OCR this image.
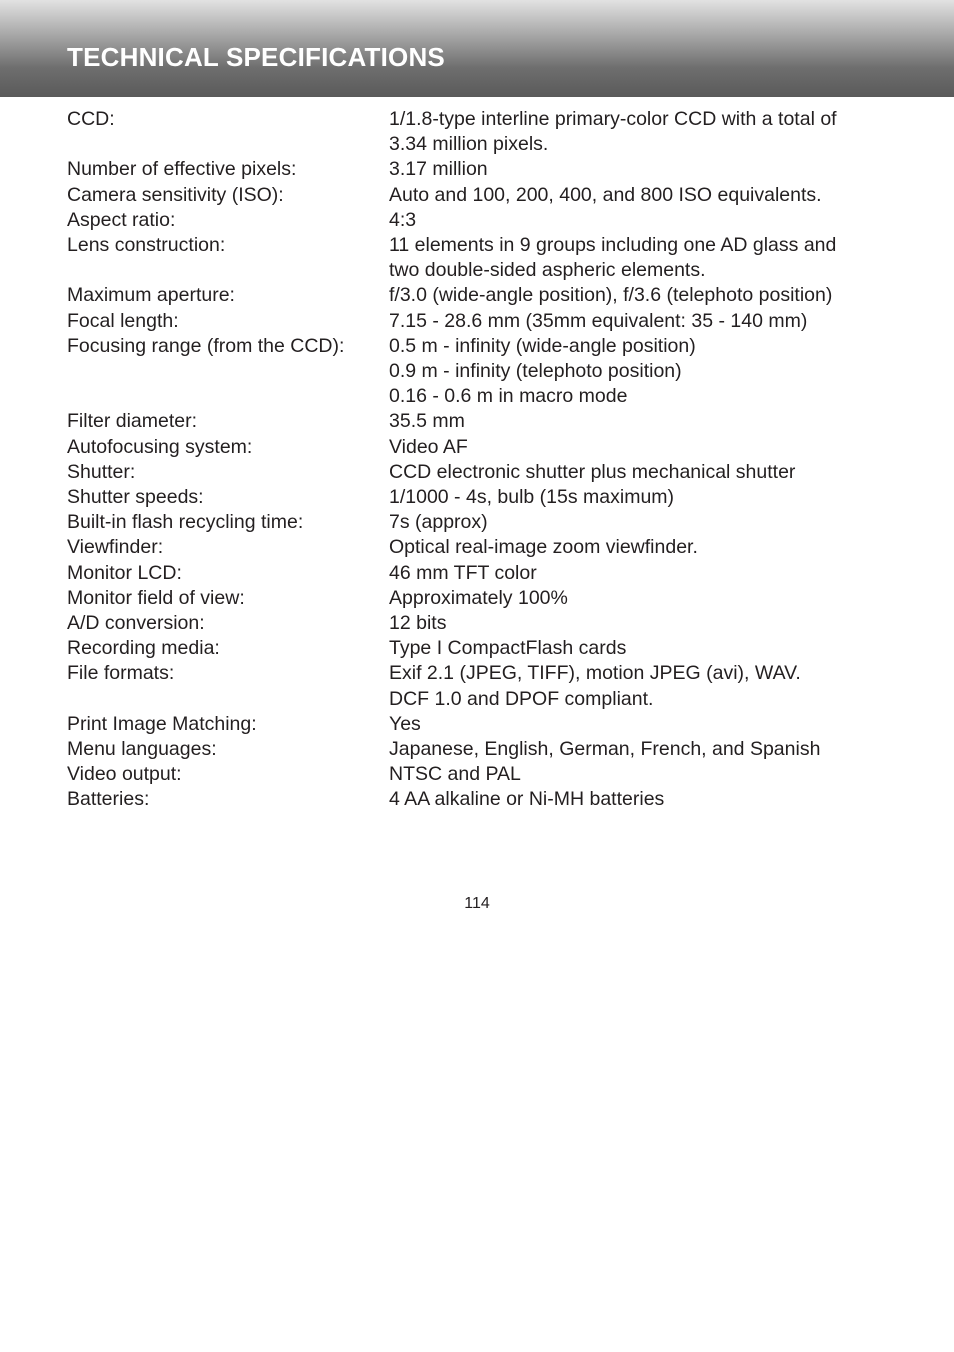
TECHNICAL SPECIFICATIONS
CCD:	1/1.8-type interline primary-color CCD with a total of
3.34 million pixels.
Number of effective pixels:	3.17 million
Camera sensitivity (ISO):	Auto and 100, 200, 400, and 800 ISO equivalents.
Aspect ratio:	4:3
Lens construction:	11 elements in 9 groups including one AD glass and
two double-sided aspheric elements.
Maximum aperture:	f/3.0 (wide-angle position), f/3.6 (telephoto position)
Focal length:	7.15 - 28.6 mm (35mm equivalent: 35 - 140 mm)
Focusing range (from the CCD):	0.5 m - infinity (wide-angle position)
0.9 m - infinity (telephoto position)
0.16 - 0.6 m in macro mode
Filter diameter:	35.5 mm
Autofocusing system:	Video AF
Shutter:	CCD electronic shutter plus mechanical shutter
Shutter speeds:	1/1000 - 4s, bulb (15s maximum)
Built-in flash recycling time:	7s (approx)
Viewfinder:	Optical real-image zoom viewfinder.
Monitor LCD:	46 mm TFT color
Monitor field of view:	Approximately 100%
A/D conversion:	12 bits
Recording media:	Type I CompactFlash cards
File formats:	Exif 2.1 (JPEG, TIFF), motion JPEG (avi), WAV.
DCF 1.0 and DPOF compliant.
Print Image Matching:	Yes
Menu languages:	Japanese, English, German, French, and Spanish
Video output:	NTSC and PAL
Batteries:	4 AA alkaline or Ni-MH batteries
114
